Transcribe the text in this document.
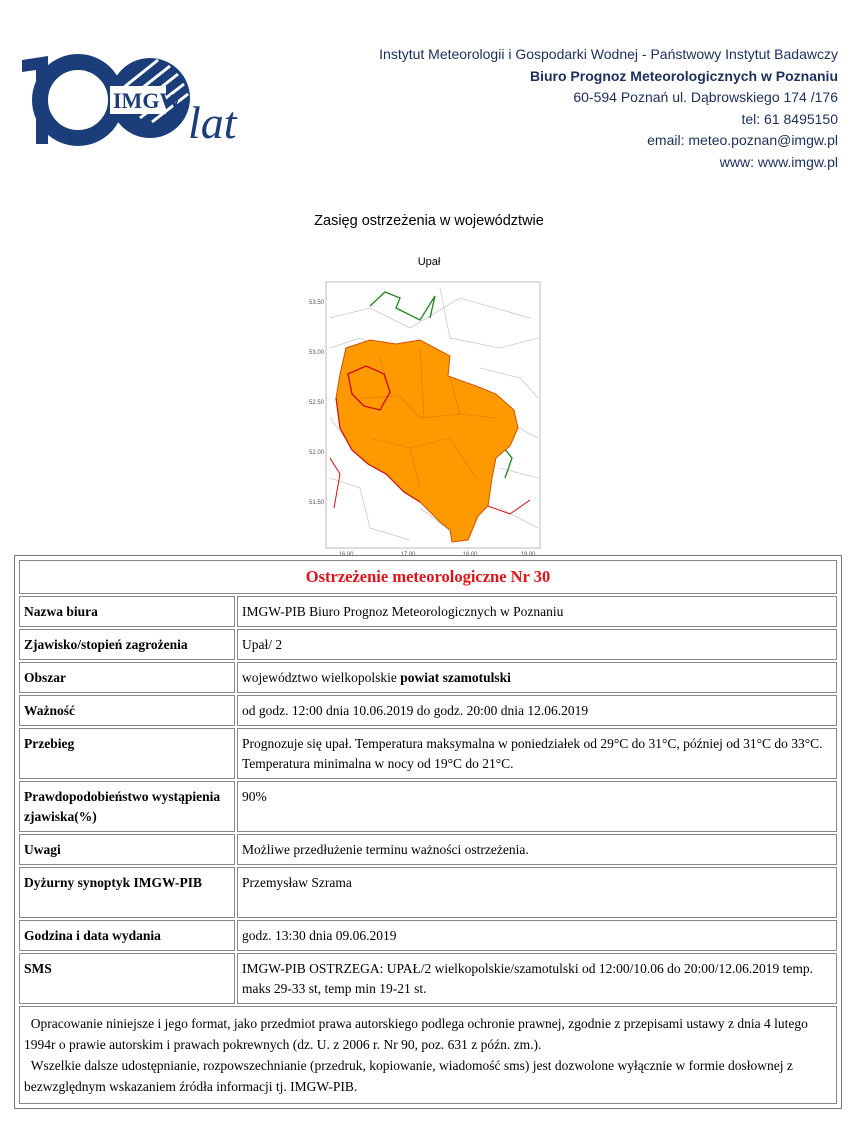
IMGW lat
Instytut Meteorologii i Gospodarki Wodnej - Państwowy Instytut Badawczy
Biuro Prognoz Meteorologicznych w Poznaniu
60-594 Poznań ul. Dąbrowskiego 174 /176
tel: 61 8495150
email: meteo.poznan@imgw.pl
www: www.imgw.pl
Zasięg ostrzeżenia w województwie
Upał
53.50
53.00
52.50
52.00
51.50
16.00	17.00	18.00	19.00
Ostrzeżenie meteorologiczne Nr 30	
Nazwa biura	IMGW-PIB Biuro Prognoz Meteorologicznych w Poznaniu
Zjawisko/stopień zagrożenia	Upał/ 2
Obszar	województwo wielkopolskie powiat szamotulski
Ważność	od godz. 12:00 dnia 10.06.2019 do godz. 20:00 dnia 12.06.2019
Przebieg	Prognozuje się upał. Temperatura maksymalna w poniedziałek od 29°C do 31°C, później od 31°C do 33°C. Temperatura minimalna w nocy od 19°C do 21°C.
Prawdopodobieństwo wystąpienia zjawiska(%)	90%
Uwagi	Możliwe przedłużenie terminu ważności ostrzeżenia.
Dyżurny synoptyk IMGW-PIB	Przemysław Szrama
Godzina i data wydania	godz. 13:30 dnia 09.06.2019
SMS	IMGW-PIB OSTRZEGA: UPAŁ/2 wielkopolskie/szamotulski od 12:00/10.06 do 20:00/12.06.2019 temp. maks 29-33 st, temp min 19-21 st.

Opracowanie niniejsze i jego format, jako przedmiot prawa autorskiego podlega ochronie prawnej, zgodnie z przepisami ustawy z dnia 4 lutego 1994r o prawie autorskim i prawach pokrewnych (dz. U. z 2006 r. Nr 90, poz. 631 z późn. zm.).

Wszelkie dalsze udostępnianie, rozpowszechnianie (przedruk, kopiowanie, wiadomość sms) jest dozwolone wyłącznie w formie dosłownej z bezwzględnym wskazaniem źródła informacji tj. IMGW-PIB.	
